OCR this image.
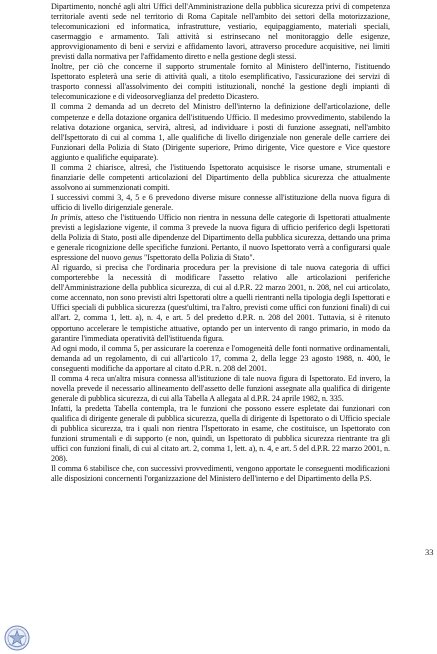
Dipartimento, nonché agli altri Uffici dell'Amministrazione della pubblica sicurezza privi di competenza territoriale aventi sede nel territorio di Roma Capitale nell'ambito dei settori della motorizzazione, telecomunicazioni ed informatica, infrastrutture, vestiario, equipaggiamento, materiali speciali, casermaggio e armamento. Tali attività si estrinsecano nel monitoraggio delle esigenze, approvvigionamento di beni e servizi e affidamento lavori, attraverso procedure acquisitive, nei limiti previsti dalla normativa per l'affidamento diretto e nella gestione degli stessi.

Inoltre, per ciò che concerne il supporto strumentale fornito al Ministero dell'interno, l'istituendo Ispettorato espleterà una serie di attività quali, a titolo esemplificativo, l'assicurazione dei servizi di trasporto connessi all'assolvimento dei compiti istituzionali, nonché la gestione degli impianti di telecomunicazione e di videosorveglianza del predetto Dicastero.

Il comma 2 demanda ad un decreto del Ministro dell'interno la definizione dell'articolazione, delle competenze e della dotazione organica dell'istituendo Ufficio. Il medesimo provvedimento, stabilendo la relativa dotazione organica, servirà, altresì, ad individuare i posti di funzione assegnati, nell'ambito dell'Ispettorato di cui al comma 1, alle qualifiche di livello dirigenziale non generale delle carriere dei Funzionari della Polizia di Stato (Dirigente superiore, Primo dirigente, Vice questore e Vice questore aggiunto e qualifiche equiparate).

Il comma 2 chiarisce, altresì, che l'istituendo Ispettorato acquisisce le risorse umane, strumentali e finanziarie delle competenti articolazioni del Dipartimento della pubblica sicurezza che attualmente assolvono ai summenzionati compiti.

I successivi commi 3, 4, 5 e 6 prevedono diverse misure connesse all'istituzione della nuova figura di ufficio di livello dirigenziale generale.

In primis, atteso che l'istituendo Ufficio non rientra in nessuna delle categorie di Ispettorati attualmente previsti a legislazione vigente, il comma 3 prevede la nuova figura di ufficio periferico degli Ispettorati della Polizia di Stato, posti alle dipendenze del Dipartimento della pubblica sicurezza, dettando una prima e generale ricognizione delle specifiche funzioni. Pertanto, il nuovo Ispettorato verrà a configurarsi quale espressione del nuovo genus "Ispettorato della Polizia di Stato".

Al riguardo, si precisa che l'ordinaria procedura per la previsione di tale nuova categoria di uffici comporterebbe la necessità di modificare l'assetto relativo alle articolazioni periferiche dell'Amministrazione della pubblica sicurezza, di cui al d.P.R. 22 marzo 2001, n. 208, nel cui articolato, come accennato, non sono previsti altri Ispettorati oltre a quelli rientranti nella tipologia degli Ispettorati e Uffici speciali di pubblica sicurezza (quest'ultimi, tra l'altro, previsti come uffici con funzioni finali) di cui all'art. 2, comma 1, lett. a), n. 4, e art. 5 del predetto d.P.R. n. 208 del 2001. Tuttavia, si è ritenuto opportuno accelerare le tempistiche attuative, optando per un intervento di rango primario, in modo da garantire l'immediata operatività dell'istituenda figura.

Ad ogni modo, il comma 5, per assicurare la coerenza e l'omogeneità delle fonti normative ordinamentali, demanda ad un regolamento, di cui all'articolo 17, comma 2, della legge 23 agosto 1988, n. 400, le conseguenti modifiche da apportare al citato d.P.R. n. 208 del 2001.

Il comma 4 reca un'altra misura connessa all'istituzione di tale nuova figura di Ispettorato. Ed invero, la novella prevede il necessario allineamento dell'assetto delle funzioni assegnate alla qualifica di dirigente generale di pubblica sicurezza, di cui alla Tabella A allegata al d.P.R. 24 aprile 1982, n. 335.

Infatti, la predetta Tabella contempla, tra le funzioni che possono essere espletate dai funzionari con qualifica di dirigente generale di pubblica sicurezza, quella di dirigente di Ispettorato o di Ufficio speciale di pubblica sicurezza, tra i quali non rientra l'Ispettorato in esame, che costituisce, un Ispettorato con funzioni strumentali e di supporto (e non, quindi, un Ispettorato di pubblica sicurezza rientrante tra gli uffici con funzioni finali, di cui al citato art. 2, comma 1, lett. a), n. 4, e art. 5 del d.P.R. 22 marzo 2001, n. 208).

Il comma 6 stabilisce che, con successivi provvedimenti, vengono apportate le conseguenti modificazioni alle disposizioni concernenti l'organizzazione del Ministero dell'interno e del Dipartimento della P.S.

33
